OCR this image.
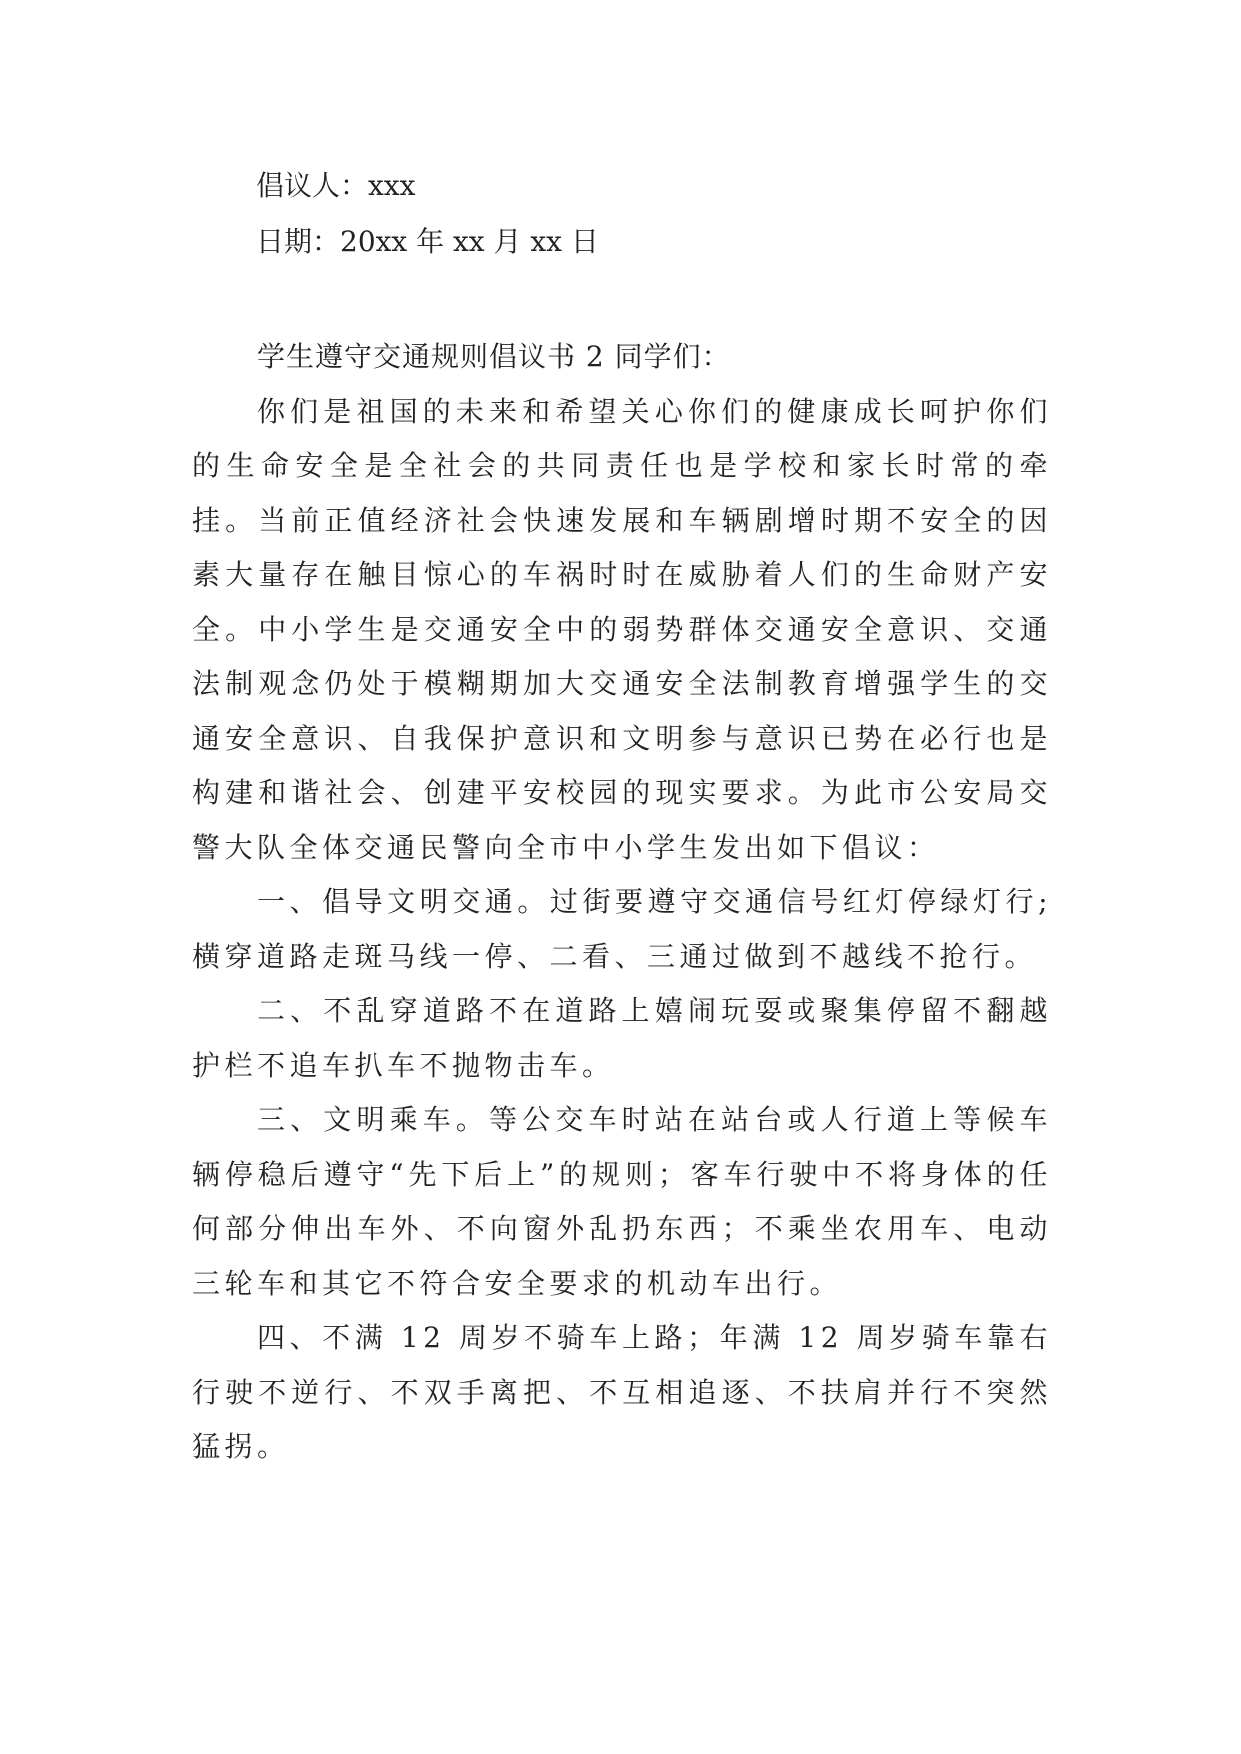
倡议人：xxx
日期：20xx 年 xx 月 xx 日

学生遵守交通规则倡议书 2 同学们：

你们是祖国的未来和希望关心你们的健康成长呵护你们的生命安全是全社会的共同责任也是学校和家长时常的牵挂。当前正值经济社会快速发展和车辆剧增时期不安全的因素大量存在触目惊心的车祸时时在威胁着人们的生命财产安全。中小学生是交通安全中的弱势群体交通安全意识、交通法制观念仍处于模糊期加大交通安全法制教育增强学生的交通安全意识、自我保护意识和文明参与意识已势在必行也是构建和谐社会、创建平安校园的现实要求。为此市公安局交警大队全体交通民警向全市中小学生发出如下倡议：

一、倡导文明交通。过街要遵守交通信号红灯停绿灯行;横穿道路走斑马线一停、二看、三通过做到不越线不抢行。

二、不乱穿道路不在道路上嬉闹玩耍或聚集停留不翻越护栏不追车扒车不抛物击车。

三、文明乘车。等公交车时站在站台或人行道上等候车辆停稳后遵守“先下后上”的规则；客车行驶中不将身体的任何部分伸出车外、不向窗外乱扔东西；不乘坐农用车、电动三轮车和其它不符合安全要求的机动车出行。

四、不满 12 周岁不骑车上路；年满 12 周岁骑车靠右行驶不逆行、不双手离把、不互相追逐、不扶肩并行不突然猛拐。
